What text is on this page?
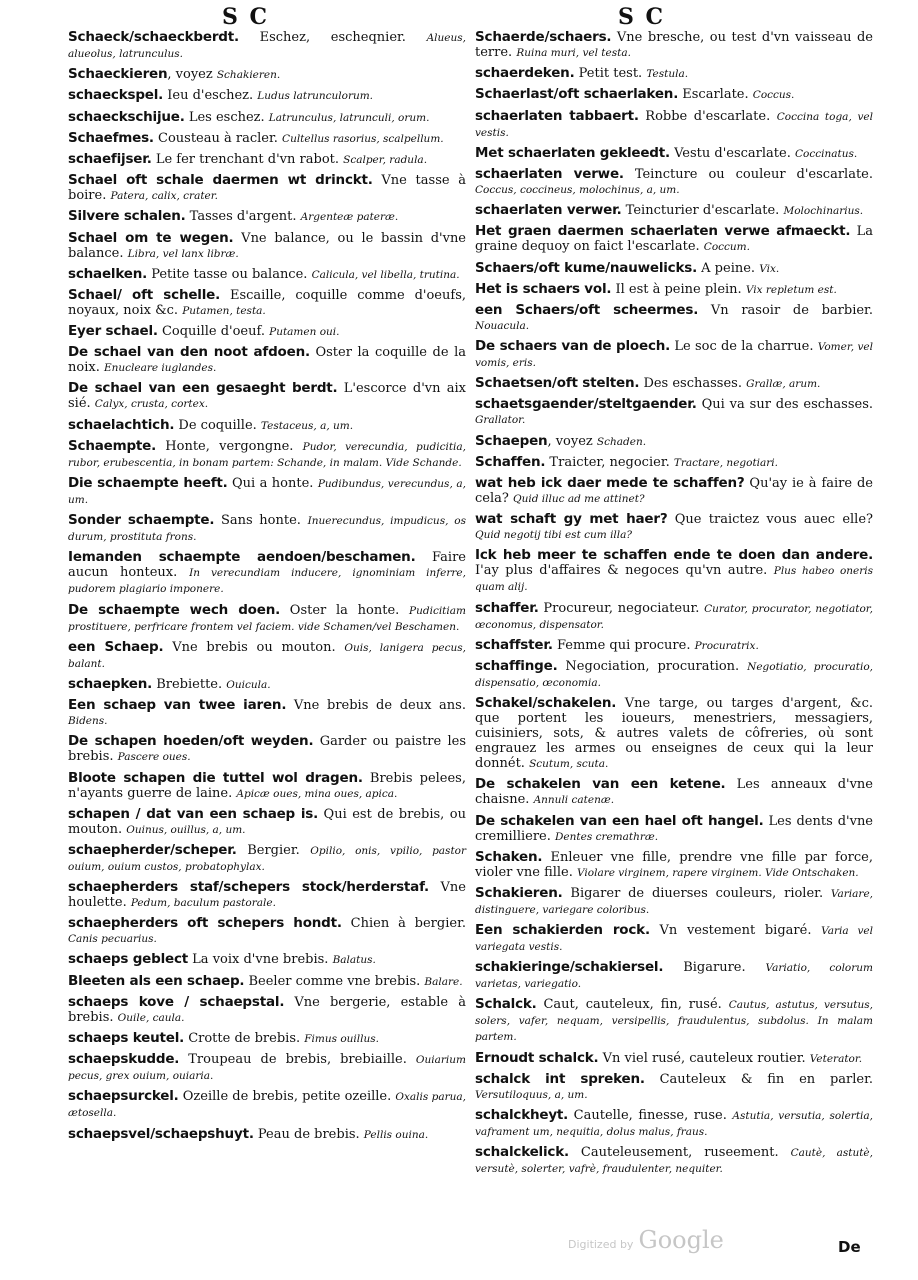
S C	S C

Schaeck/schaeckberdt. Eschez, escheqnier. Alueus, alueolus, latrunculus.

Schaeckieren, voyez Schakieren.

schaeckspel. Ieu d'eschez. Ludus latrunculorum.

schaeckschijue. Les eschez. Latrunculus, latrunculi, orum.

Schaefmes. Cousteau à racler. Cultellus rasorius, scalpellum.

schaefijser. Le fer trenchant d'vn rabot. Scalper, radula.

Schael oft schale daermen wt drinckt. Vne tasse à boire. Patera, calix, crater.

Silvere schalen. Tasses d'argent. Argenteæ pateræ.

Schael om te wegen. Vne balance, ou le bassin d'vne balance. Libra, vel lanx libræ.

schaelken. Petite tasse ou balance. Calicula, vel libella, trutina.

Schael/ oft schelle. Escaille, coquille comme d'oeufs, noyaux, noix &c. Putamen, testa.

Eyer schael. Coquille d'oeuf. Putamen oui.

De schael van den noot afdoen. Oster la coquille de la noix. Enucleare iuglandes.

De schael van een gesaeght berdt. L'escorce d'vn aix sié. Calyx, crusta, cortex.

schaelachtich. De coquille. Testaceus, a, um.

Schaempte. Honte, vergongne. Pudor, verecundia, pudicitia, rubor, erubescentia, in bonam partem: Schande, in malam. Vide Schande.

Die schaempte heeft. Qui a honte. Pudibundus, verecundus, a, um.

Sonder schaempte. Sans honte. Inuerecundus, impudicus, os durum, prostituta frons.

Iemanden schaempte aendoen/beschamen. Faire aucun honteux. In verecundiam inducere, ignominiam inferre, pudorem plagiario imponere.

De schaempte wech doen. Oster la honte. Pudicitiam prostituere, perfricare frontem vel faciem. vide Schamen/vel Beschamen.

een Schaep. Vne brebis ou mouton. Ouis, lanigera pecus, balant.

schaepken. Brebiette. Ouicula.

Een schaep van twee iaren. Vne brebis de deux ans. Bidens.

De schapen hoeden/oft weyden. Garder ou paistre les brebis. Pascere oues.

Bloote schapen die tuttel wol dragen. Brebis pelees, n'ayants guerre de laine. Apicæ oues, mina oues, apica.

schapen / dat van een schaep is. Qui est de brebis, ou mouton. Ouinus, ouillus, a, um.

schaepherder/scheper. Bergier. Opilio, onis, vpilio, pastor ouium, ouium custos, probatophylax.

schaepherders staf/schepers stock/herderstaf. Vne houlette. Pedum, baculum pastorale.

schaepherders oft schepers hondt. Chien à bergier. Canis pecuarius.

schaeps geblect La voix d'vne brebis. Balatus.

Bleeten als een schaep. Beeler comme vne brebis. Balare.

schaeps kove / schaepstal. Vne bergerie, estable à brebis. Ouile, caula.

schaeps keutel. Crotte de brebis. Fimus ouillus.

schaepskudde. Troupeau de brebis, brebiaille. Ouiarium pecus, grex ouium, ouiaria.

schaepsurckel. Ozeille de brebis, petite ozeille. Oxalis parua, ætosella.

schaepsvel/schaepshuyt. Peau de brebis. Pellis ouina.

Schaerde/schaers. Vne bresche, ou test d'vn vaisseau de terre. Ruina muri, vel testa.

schaerdeken. Petit test. Testula.

Schaerlast/oft schaerlaken. Escarlate. Coccus.

schaerlaten tabbaert. Robbe d'escarlate. Coccina toga, vel vestis.

Met schaerlaten gekleedt. Vestu d'escarlate. Coccinatus.

schaerlaten verwe. Teincture ou couleur d'escarlate. Coccus, coccineus, molochinus, a, um.

schaerlaten verwer. Teincturier d'escarlate. Molochinarius.

Het graen daermen schaerlaten verwe afmaeckt. La graine dequoy on faict l'escarlate. Coccum.

Schaers/oft kume/nauwelicks. A peine. Vix.

Het is schaers vol. Il est à peine plein. Vix repletum est.

een Schaers/oft scheermes. Vn rasoir de barbier. Nouacula.

De schaers van de ploech. Le soc de la charrue. Vomer, vel vomis, eris.

Schaetsen/oft stelten. Des eschasses. Grallæ, arum.

schaetsgaender/steltgaender. Qui va sur des eschasses. Grallator.

Schaepen, voyez Schaden.

Schaffen. Traicter, negocier. Tractare, negotiari.

wat heb ick daer mede te schaffen? Qu'ay ie à faire de cela? Quid illuc ad me attinet?

wat schaft gy met haer? Que traictez vous auec elle? Quid negotij tibi est cum illa?

Ick heb meer te schaffen ende te doen dan andere. I'ay plus d'affaires & negoces qu'vn autre. Plus habeo oneris quam alij.

schaffer. Procureur, negociateur. Curator, procurator, negotiator, œconomus, dispensator.

schaffster. Femme qui procure. Procuratrix.

schaffinge. Negociation, procuration. Negotiatio, procuratio, dispensatio, œconomia.

Schakel/schakelen. Vne targe, ou targes d'argent, &c. que portent les ioueurs, menestriers, messagiers, cuisiniers, sots, & autres valets de côfreries, où sont engrauez les armes ou enseignes de ceux qui la leur donnét. Scutum, scuta.

De schakelen van een ketene. Les anneaux d'vne chaisne. Annuli catenæ.

De schakelen van een hael oft hangel. Les dents d'vne cremilliere. Dentes cremathræ.

Schaken. Enleuer vne fille, prendre vne fille par force, violer vne fille. Violare virginem, rapere virginem. Vide Ontschaken.

Schakieren. Bigarer de diuerses couleurs, rioler. Variare, distinguere, variegare coloribus.

Een schakierden rock. Vn vestement bigaré. Varia vel variegata vestis.

schakieringe/schakiersel. Bigarure. Variatio, colorum varietas, variegatio.

Schalck. Caut, cauteleux, fin, rusé. Cautus, astutus, versutus, solers, vafer, nequam, versipellis, fraudulentus, subdolus. In malam partem.

Ernoudt schalck. Vn viel rusé, cauteleux routier. Veterator.

schalck int spreken. Cauteleux & fin en parler. Versutiloquus, a, um.

schalckheyt. Cautelle, finesse, ruse. Astutia, versutia, solertia, vaframent um, nequitia, dolus malus, fraus.

schalckelick. Cauteleusement, ruseement. Cautè, astutè, versutè, solerter, vafrè, fraudulenter, nequiter.

Digitized by Google	De
